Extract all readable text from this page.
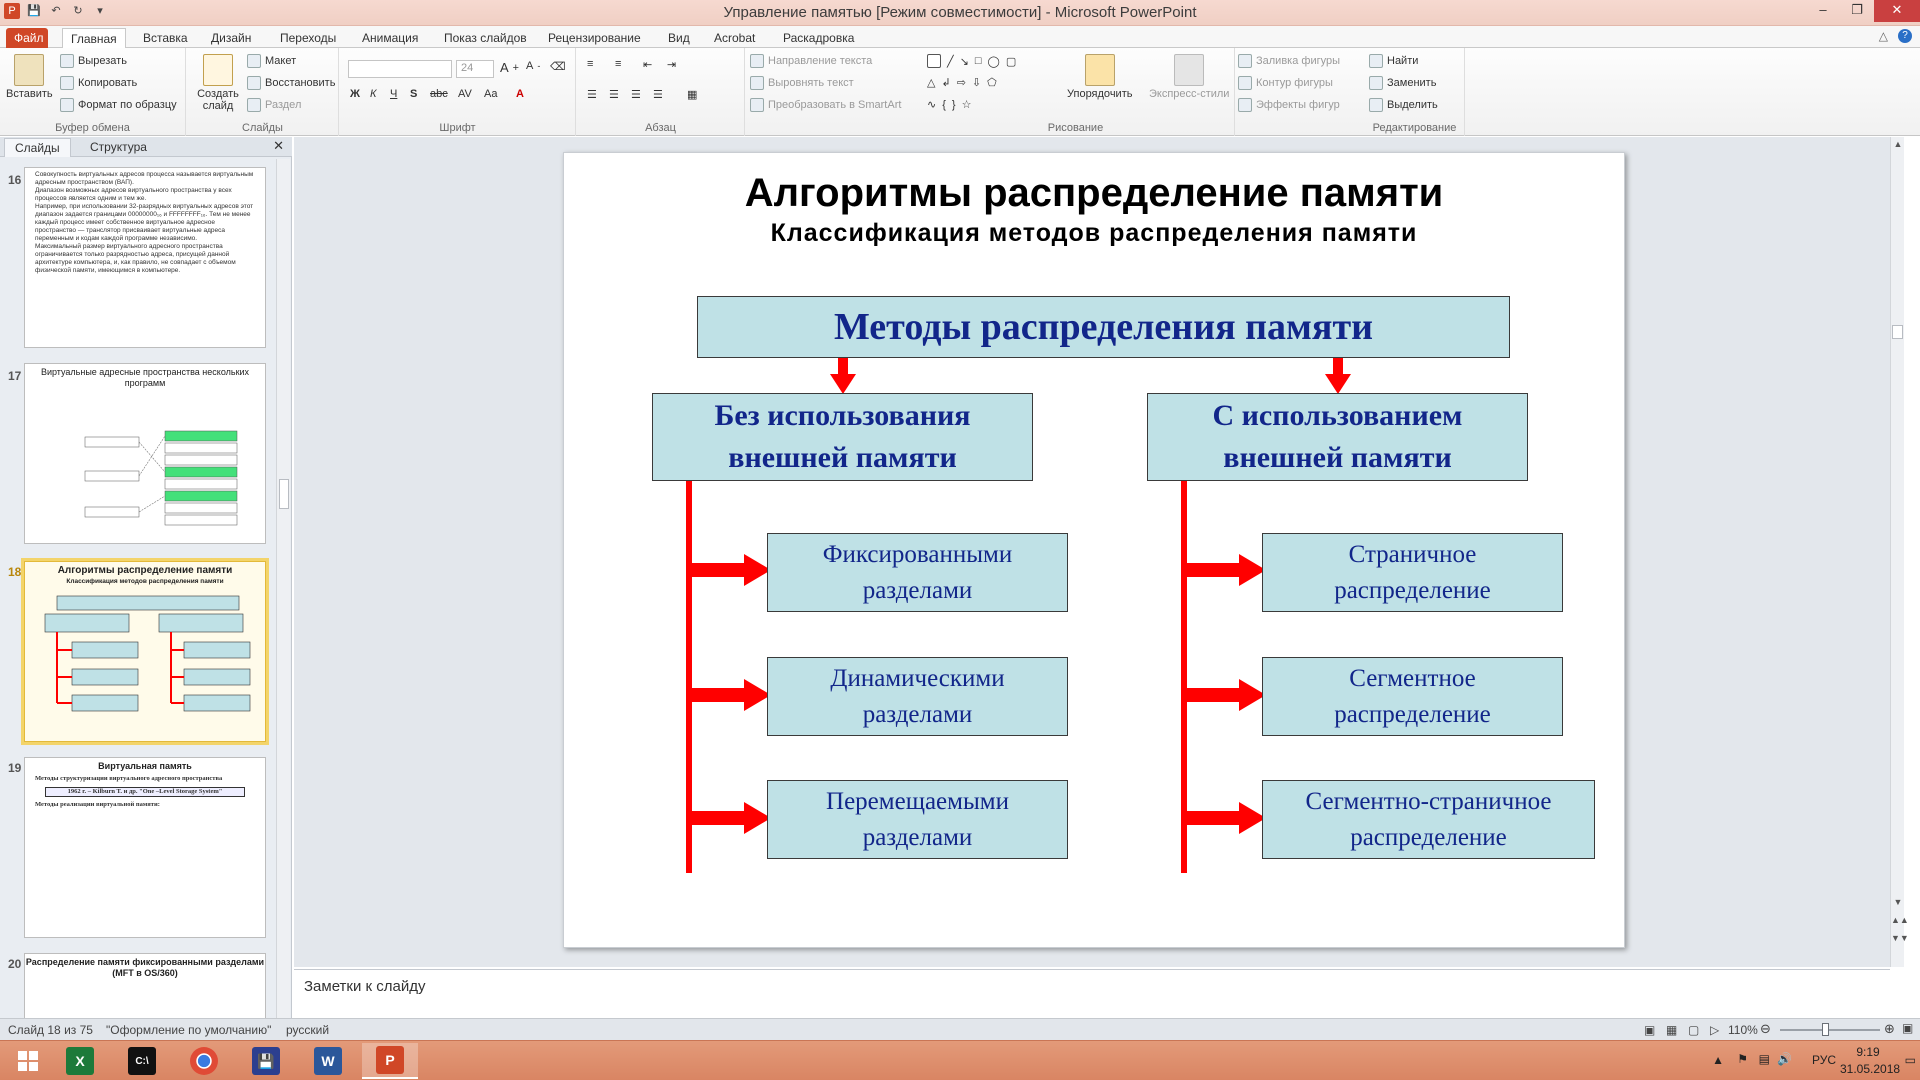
P	💾 ↶	↻	▾	Управление памятью [Режим совместимости] - Microsoft PowerPoint	–	❐	✕
Файл	Главная	Вставка	Дизайн	Переходы	Анимация	Показ слайдов	Рецензирование	Вид	Acrobat	Раскадровка	△	?
Вставить
Вырезать
Копировать
Формат по образцу
Буфер обмена
Создать слайд
Макет
Восстановить
Раздел
Слайды
24	A + A - ⌫
Ж К Ч S abc AV Aa A
Шрифт
≡ ≡ ⇤ ⇥
☰ ☰ ☰ ☰ ▦
Абзац
Направление текста
Выровнять текст
Преобразовать в SmartArt
╱ ↘ □ ◯ ▢
△ ↲ ⇨ ⇩ ⬠
∿ { } ☆
Упорядочить Экспресс-стили
Рисование
Заливка фигуры
Контур фигуры
Эффекты фигур
Найти
Заменить
Выделить
Редактирование
Слайды	Структура	✕
16 Совокупность виртуальных адресов процесса называется виртуальным адресным пространством (ВАП).
Диапазон возможных адресов виртуального пространства у всех процессов является одним и тем же.
Например, при использовании 32-разрядных виртуальных адресов этот диапазон задается границами 00000000₁₆ и FFFFFFFF₁₆. Тем не менее каждый процесс имеет собственное виртуальное адресное пространство — транслятор присваивает виртуальные адреса переменным и кодам каждой программе независимо.
Максимальный размер виртуального адресного пространства ограничивается только разрядностью адреса, присущей данной архитектуре компьютера, и, как правило, не совпадает с объемом физической памяти, имеющимся в компьютере.
17	Виртуальные адресные пространства нескольких программ
18	Алгоритмы распределение памяти
Классификация методов распределения памяти
19	Виртуальная память
Методы структуризации виртуального адресного пространства
1962 г. – Kilburn T. и др. "One –Level Storage System"
Методы реализации виртуальной памяти:
20 Распределение памяти фиксированными разделами (MFT в OS/360)
Алгоритмы распределение памяти
Классификация методов распределения памяти
Методы распределения памяти
Без использования
внешней памяти
С использованием
внешней памяти
Фиксированными
разделами
Динамическими
разделами
Перемещаемыми
разделами
Страничное
распределение
Сегментное
распределение
Сегментно-страничное
распределение
▲
▼
▲▲
▼▼
Заметки к слайду
Слайд 18 из 75 "Оформление по умолчанию" русский	▣ ▦ ▢ ▷ 110% ⊖	⊕ ▣
X	C:\	💾	W	P	▲ ⚑ ▤ 🔊 РУС
9:19
31.05.2018
▭
